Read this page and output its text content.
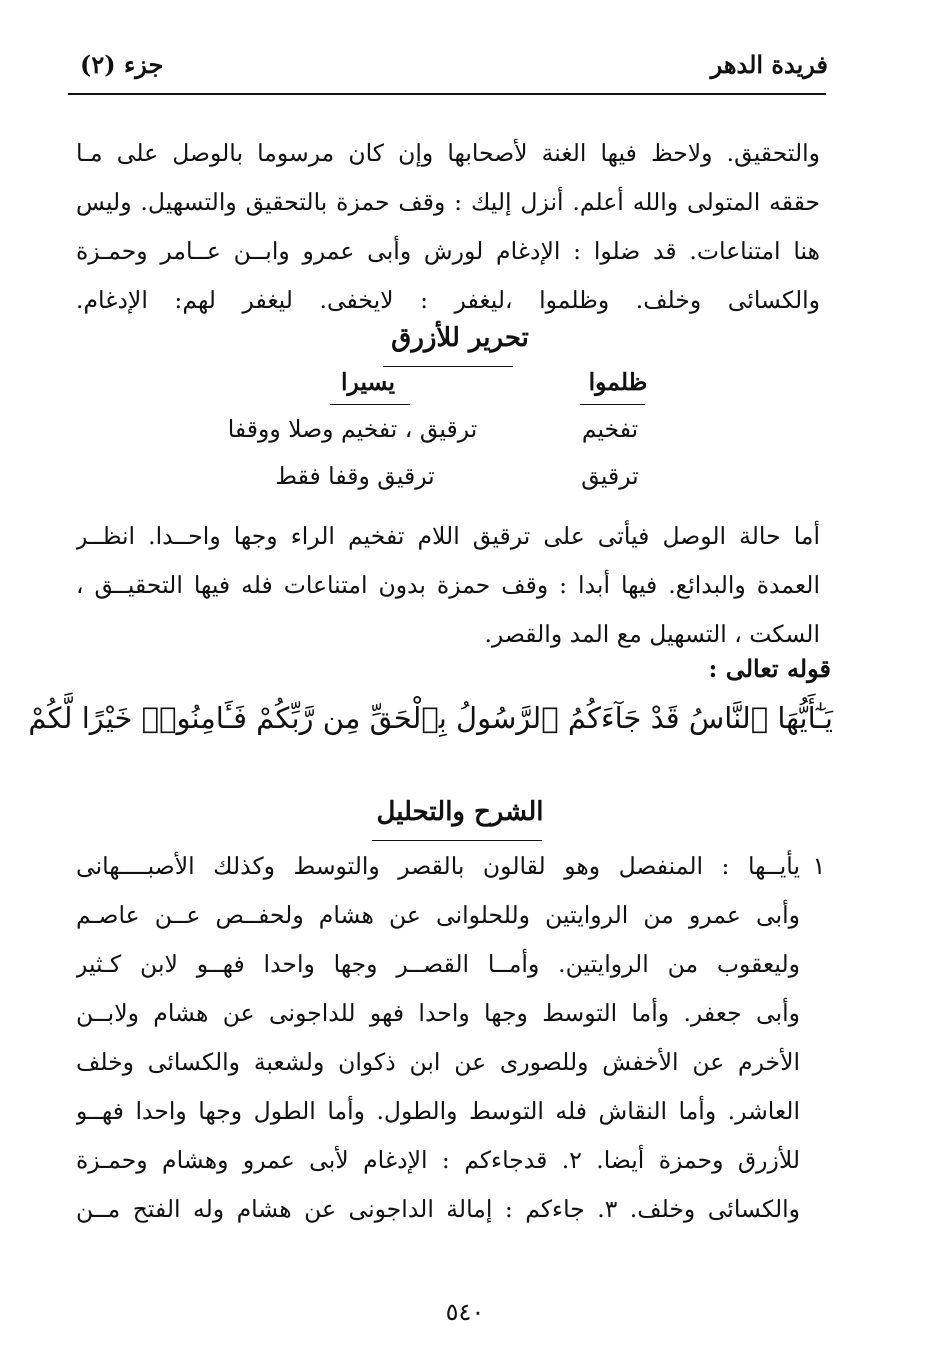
فريدة الدهر
جزء (٢)
والتحقيق. ولاحظ فيها الغنة لأصحابها وإن كان مرسوما بالوصل على مـا
حققه المتولى والله أعلم. أنزل إليك : وقف حمزة بالتحقيق والتسهيل. وليس
هنا امتناعات. قد ضلوا : الإدغام لورش وأبى عمرو وابــن عــامر وحمـزة
والكسائى وخلف. وظلموا ،ليغفر : لايخفى. ليغفر لهم: الإدغام.
تحرير للأزرق
ظلموا
يسيرا
تفخيم
ترقيق ، تفخيم وصلا ووقفا
ترقيق
ترقيق وقفا فقط
أما حالة الوصل فيأتى على ترقيق اللام تفخيم الراء وجها واحــدا. انظــر
العمدة والبدائع. فيها أبدا : وقف حمزة بدون امتناعات فله فيها التحقيــق ،
السكت ، التسهيل مع المد والقصر.
قوله تعالى :
يَـٰٓأَيُّهَا ٱلنَّاسُ قَدْ جَآءَكُمُ ٱلرَّسُولُ بِٱلْحَقِّ مِن رَّبِّكُمْ فَـَٔامِنُوا۟ خَيْرًا لَّكُمْ
الشرح والتحليل
١
يأيــها : المنفصل وهو لقالون بالقصر والتوسط وكذلك الأصبــــهانى
وأبى عمرو من الروايتين وللحلوانى عن هشام ولحفــص عــن عاصـم
وليعقوب من الروايتين. وأمــا القصــر وجها واحدا فهــو لابن كـثير
وأبى جعفر. وأما التوسط وجها واحدا فهو للداجونى عن هشام ولابــن
الأخرم عن الأخفش وللصورى عن ابن ذكوان ولشعبة والكسائى وخلف
العاشر. وأما النقاش فله التوسط والطول. وأما الطول وجها واحدا فهــو
للأزرق وحمزة أيضا. ٢. قدجاءكم : الإدغام لأبى عمرو وهشام وحمـزة
والكسائى وخلف. ٣. جاءكم : إمالة الداجونى عن هشام وله الفتح مــن
٥٤٠
